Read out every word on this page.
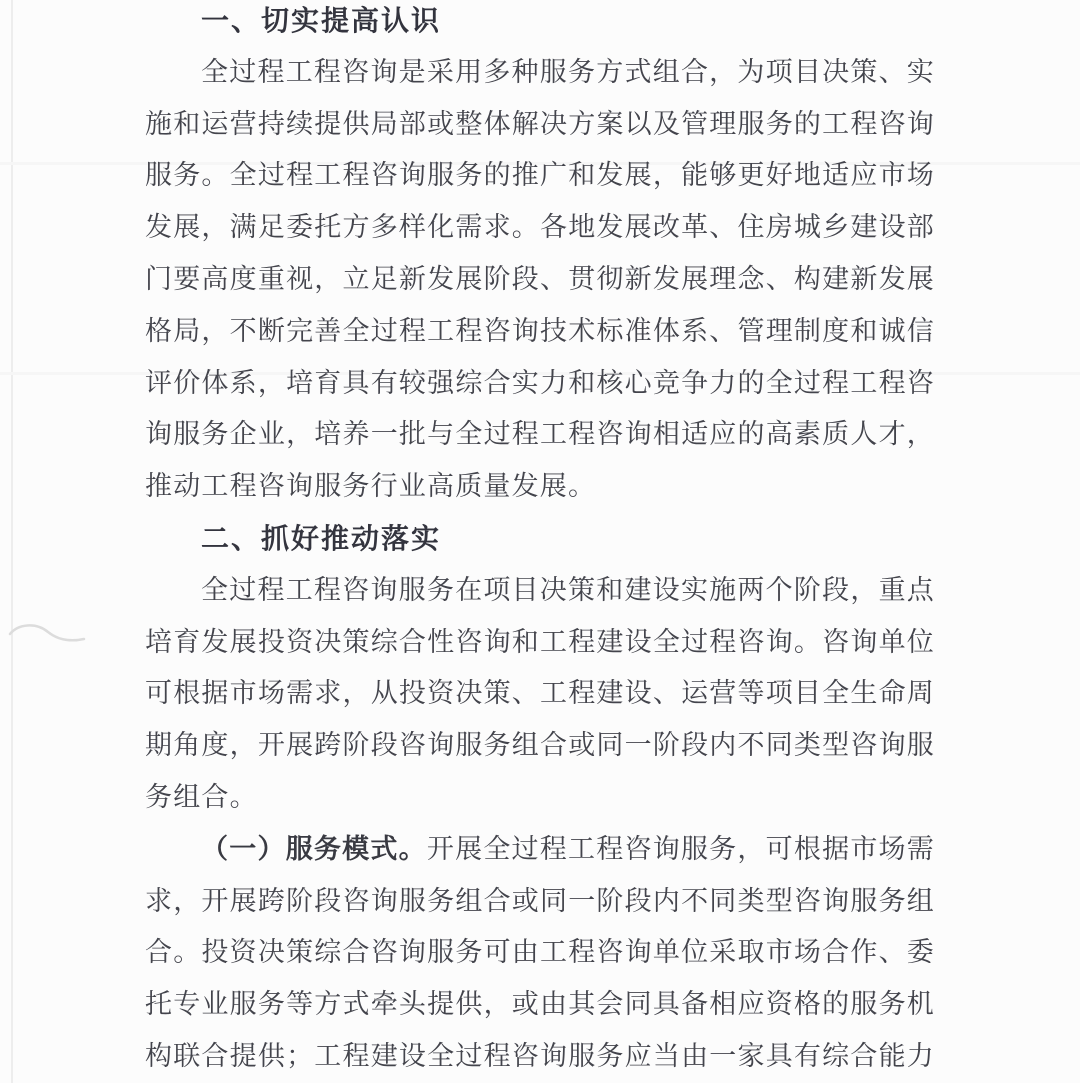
一、切实提高认识
全过程工程咨询是采用多种服务方式组合，为项目决策、实
施和运营持续提供局部或整体解决方案以及管理服务的工程咨询
服务。全过程工程咨询服务的推广和发展，能够更好地适应市场
发展，满足委托方多样化需求。各地发展改革、住房城乡建设部
门要高度重视，立足新发展阶段、贯彻新发展理念、构建新发展
格局，不断完善全过程工程咨询技术标准体系、管理制度和诚信
评价体系，培育具有较强综合实力和核心竞争力的全过程工程咨
询服务企业，培养一批与全过程工程咨询相适应的高素质人才，
推动工程咨询服务行业高质量发展。
二、抓好推动落实
全过程工程咨询服务在项目决策和建设实施两个阶段，重点
培育发展投资决策综合性咨询和工程建设全过程咨询。咨询单位
可根据市场需求，从投资决策、工程建设、运营等项目全生命周
期角度，开展跨阶段咨询服务组合或同一阶段内不同类型咨询服
务组合。
（一）服务模式。开展全过程工程咨询服务，可根据市场需
求，开展跨阶段咨询服务组合或同一阶段内不同类型咨询服务组
合。投资决策综合咨询服务可由工程咨询单位采取市场合作、委
托专业服务等方式牵头提供，或由其会同具备相应资格的服务机
构联合提供；工程建设全过程咨询服务应当由一家具有综合能力
